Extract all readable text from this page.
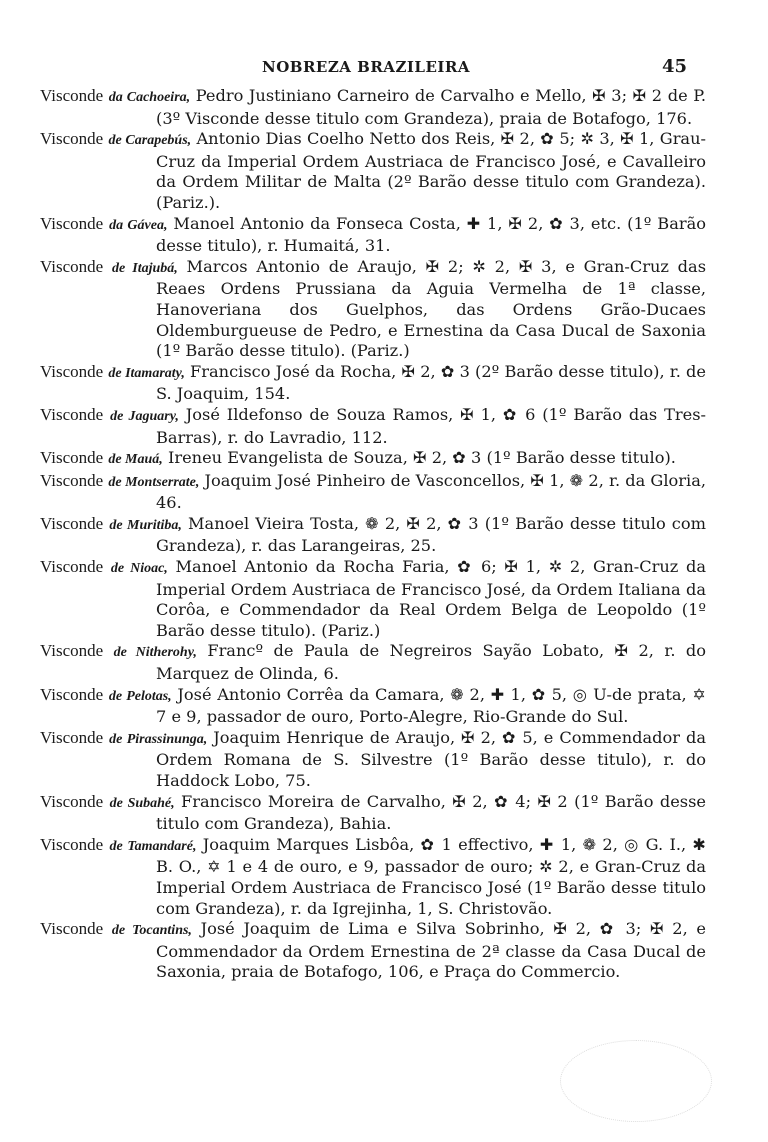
NOBREZA BRAZILEIRA	45

Visconde da Cachoeira, Pedro Justiniano Carneiro de Carvalho e Mello, ✠ 3; ✠ 2 de P. (3º Visconde desse titulo com Grandeza), praia de Botafogo, 176.

Visconde de Carapebús, Antonio Dias Coelho Netto dos Reis, ✠ 2, ✿ 5; ✲ 3, ✠ 1, Grau-Cruz da Imperial Ordem Austriaca de Francisco José, e Cavalleiro da Ordem Militar de Malta (2º Barão desse titulo com Grandeza). (Pariz.).

Visconde da Gávea, Manoel Antonio da Fonseca Costa, ✚ 1, ✠ 2, ✿ 3, etc. (1º Barão desse titulo), r. Humaitá, 31.

Visconde de Itajubá, Marcos Antonio de Araujo, ✠ 2; ✲ 2, ✠ 3, e Gran-Cruz das Reaes Ordens Prussiana da Aguia Vermelha de 1ª classe, Hanoveriana dos Guelphos, das Ordens Grão-Ducaes Oldemburgueuse de Pedro, e Ernestina da Casa Ducal de Saxonia (1º Barão desse titulo). (Pariz.)

Visconde de Itamaraty, Francisco José da Rocha, ✠ 2, ✿ 3 (2º Barão desse titulo), r. de S. Joaquim, 154.

Visconde de Jaguary, José Ildefonso de Souza Ramos, ✠ 1, ✿ 6 (1º Barão das Tres-Barras), r. do Lavradio, 112.

Visconde de Mauá, Ireneu Evangelista de Souza, ✠ 2, ✿ 3 (1º Barão desse titulo).

Visconde de Montserrate, Joaquim José Pinheiro de Vasconcellos, ✠ 1, ❁ 2, r. da Gloria, 46.

Visconde de Muritiba, Manoel Vieira Tosta, ❁ 2, ✠ 2, ✿ 3 (1º Barão desse titulo com Grandeza), r. das Larangeiras, 25.

Visconde de Nioac, Manoel Antonio da Rocha Faria, ✿ 6; ✠ 1, ✲ 2, Gran-Cruz da Imperial Ordem Austriaca de Francisco José, da Ordem Italiana da Corôa, e Commendador da Real Ordem Belga de Leopoldo (1º Barão desse titulo). (Pariz.)

Visconde de Nitherohy, Francº de Paula de Negreiros Sayão Lobato, ✠ 2, r. do Marquez de Olinda, 6.

Visconde de Pelotas, José Antonio Corrêa da Camara, ❁ 2, ✚ 1, ✿ 5, ◎ U-de prata, ✡ 7 e 9, passador de ouro, Porto-Alegre, Rio-Grande do Sul.

Visconde de Pirassinunga, Joaquim Henrique de Araujo, ✠ 2, ✿ 5, e Commendador da Ordem Romana de S. Silvestre (1º Barão desse titulo), r. do Haddock Lobo, 75.

Visconde de Subahé, Francisco Moreira de Carvalho, ✠ 2, ✿ 4; ✠ 2 (1º Barão desse titulo com Grandeza), Bahia.

Visconde de Tamandaré, Joaquim Marques Lisbôa, ✿ 1 effectivo, ✚ 1, ❁ 2, ◎ G. I., ✱ B. O., ✡ 1 e 4 de ouro, e 9, passador de ouro; ✲ 2, e Gran-Cruz da Imperial Ordem Austriaca de Francisco José (1º Barão desse titulo com Grandeza), r. da Igrejinha, 1, S. Christovão.

Visconde de Tocantins, José Joaquim de Lima e Silva Sobrinho, ✠ 2, ✿ 3; ✠ 2, e Commendador da Ordem Ernestina de 2ª classe da Casa Ducal de Saxonia, praia de Botafogo, 106, e Praça do Commercio.
